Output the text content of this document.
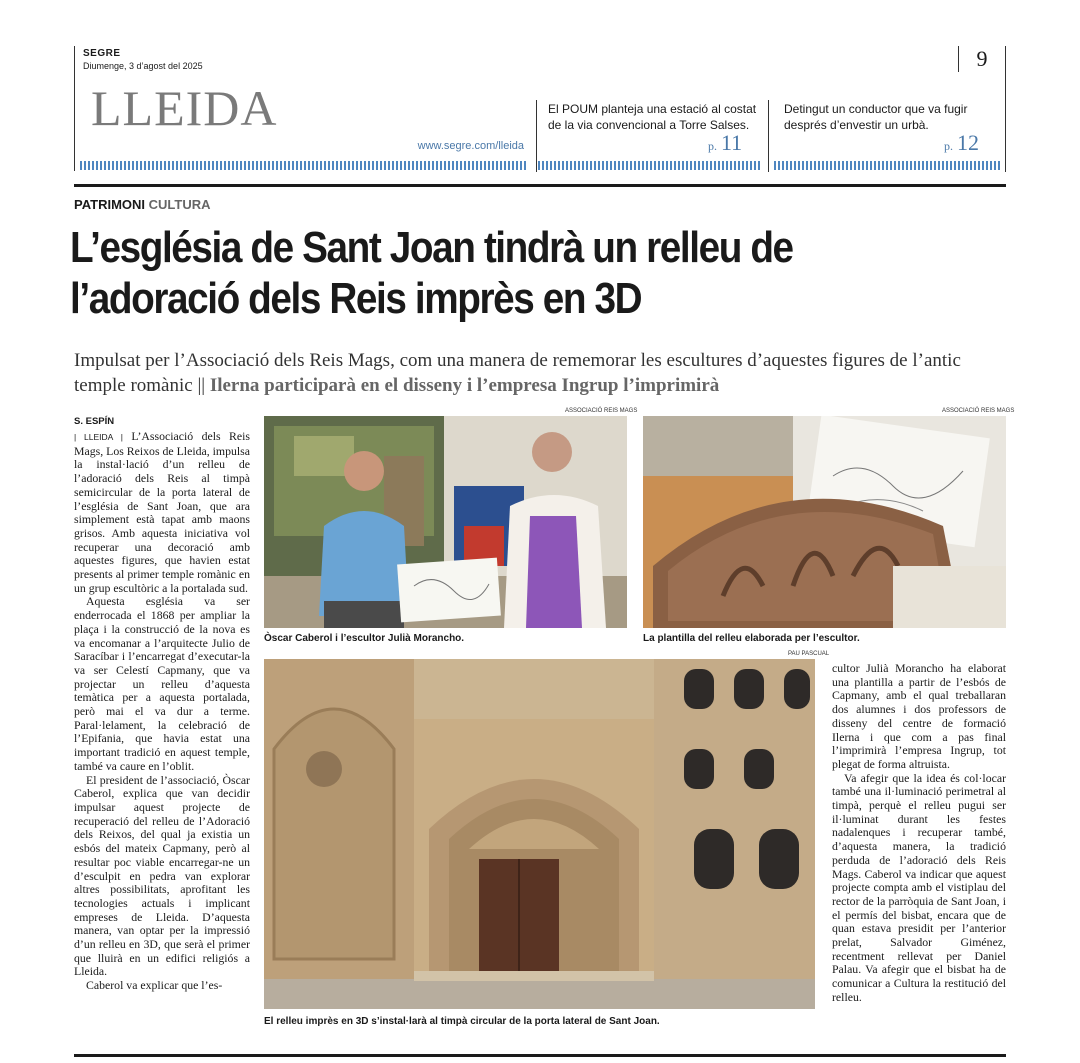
SEGRE
Diumenge, 3 d’agost del 2025
LLEIDA
www.segre.com/lleida
9
El POUM planteja una estació al costat de la via convencional a Torre Salses.
p. 11
Detingut un conductor que va fugir després d’envestir un urbà.
p. 12
PATRIMONI CULTURA
L’església de Sant Joan tindrà un relleu de l’adoració dels Reis imprès en 3D
Impulsat per l’Associació dels Reis Mags, com una manera de rememorar les escultures d’aquestes figures de l’antic temple romànic || Ilerna participarà en el disseny i l’empresa Ingrup l’imprimirà
S. ESPÍN

| LLEIDA | L’Associació dels Reis Mags, Los Reixos de Lleida, impulsa la instal·lació d’un relleu de l’adoració dels Reis al timpà semicircular de la porta lateral de l’església de Sant Joan, que ara simplement està tapat amb maons grisos. Amb aquesta iniciativa vol recuperar una decoració amb aquestes figures, que havien estat presents al primer temple romànic en un grup escultòric a la portalada sud.

Aquesta església va ser enderrocada el 1868 per ampliar la plaça i la construcció de la nova es va encomanar a l’arquitecte Julio de Saracíbar i l’encarregat d’executar-la va ser Celestí Capmany, que va projectar un relleu d’aquesta temàtica per a aquesta portalada, però mai el va dur a terme. Paral·lelament, la celebració de l’Epifania, que havia estat una important tradició en aquest temple, també va caure en l’oblit.

El president de l’associació, Òscar Caberol, explica que van decidir impulsar aquest projecte de recuperació del relleu de l’Adoració dels Reixos, del qual ja existia un esbós del mateix Capmany, però al resultar poc viable encarregar-ne un d’esculpit en pedra van explorar altres possibilitats, aprofitant les tecnologies actuals i implicant empreses de Lleida. D’aquesta manera, van optar per la impressió d’un relleu en 3D, que serà el primer que lluirà en un edifici religiós a Lleida.

Caberol va explicar que l’es-

ASSOCIACIÓ REIS MAGS
Òscar Caberol i l’escultor Julià Morancho.
ASSOCIACIÓ REIS MAGS
La plantilla del relleu elaborada per l’escultor.
PAU PASCUAL
El relleu imprès en 3D s’instal·larà al timpà circular de la porta lateral de Sant Joan.

cultor Julià Morancho ha elaborat una plantilla a partir de l’esbós de Capmany, amb el qual treballaran dos alumnes i dos professors de disseny del centre de formació Ilerna i que com a pas final l’imprimirà l’empresa Ingrup, tot plegat de forma altruista.

Va afegir que la idea és col·locar també una il·luminació perimetral al timpà, perquè el relleu pugui ser il·luminat durant les festes nadalenques i recuperar també, d’aquesta manera, la tradició perduda de l’adoració dels Reis Mags. Caberol va indicar que aquest projecte compta amb el vistiplau del rector de la parròquia de Sant Joan, i el permís del bisbat, encara que de quan estava presidit per l’anterior prelat, Salvador Giménez, recentment rellevat per Daniel Palau. Va afegir que el bisbat ha de comunicar a Cultura la restitució del relleu.
